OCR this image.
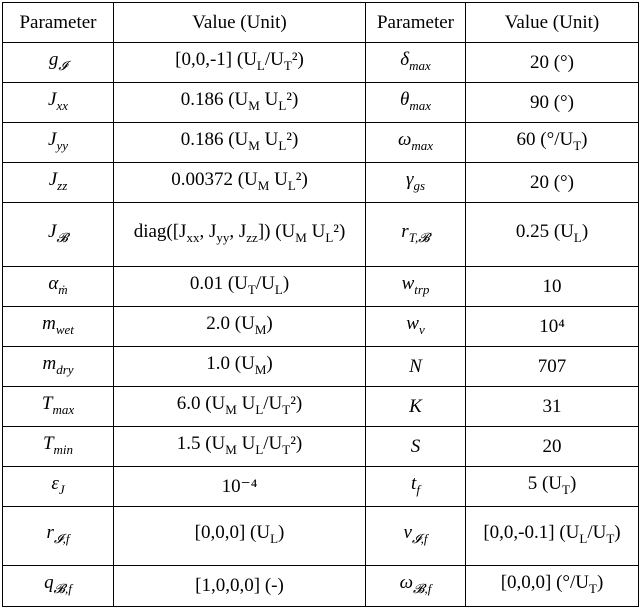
Parameter	Value (Unit)	Parameter	Value (Unit)
$g_𝓘$	[0,0,-1] $(U_L/U_T^2)$	$\delta_{max}$	20 (°)
$J_{xx}$	0.186 ($U_M$ $U_L^2$)	$\theta_{max}$	90 (°)
$J_{yy}$	0.186 ($U_M$ $U_L^2$)	$\omega_{max}$	60 $(^\circ/U_T)$
$J_{zz}$	0.00372 ($U_M$ $U_L^2$)	$\gamma_{gs}$	20 (°)
$J_𝓑$	$diag([J_{xx}$, $J_{yy}$, $J_{zz}$]) ($U_M$ $U_L^2$)	$r_{T,𝓑}$	0.25 $(U_L)$
$\alpha_ṁ$	0.01 $(U_T/U_L)$	$w_{trp}$	10
$m_{wet}$	2.0 $(U_M)$	$w_\nu$	10⁴
$m_{dry}$	1.0 $(U_M)$	N	707
$T_{max}$	6.0 ($U_M$ $U_L/U_T^2$)	K	31
$T_{min}$	1.5 ($U_M$ $U_L/U_T^2$)	S	20
$\varepsilon_J$	10⁻⁴	$t_f$	5 $(U_T)$
$r_{𝓘,f}$	[0,0,0] $(U_L)$	$v_{𝓘,f}$	[0,0,-0.1] $(U_L/U_T)$
$q_{𝓑,f}$	[1,0,0,0] (-)	$\omega_{𝓑,f}$	[0,0,0] $(^\circ/U_T)$
